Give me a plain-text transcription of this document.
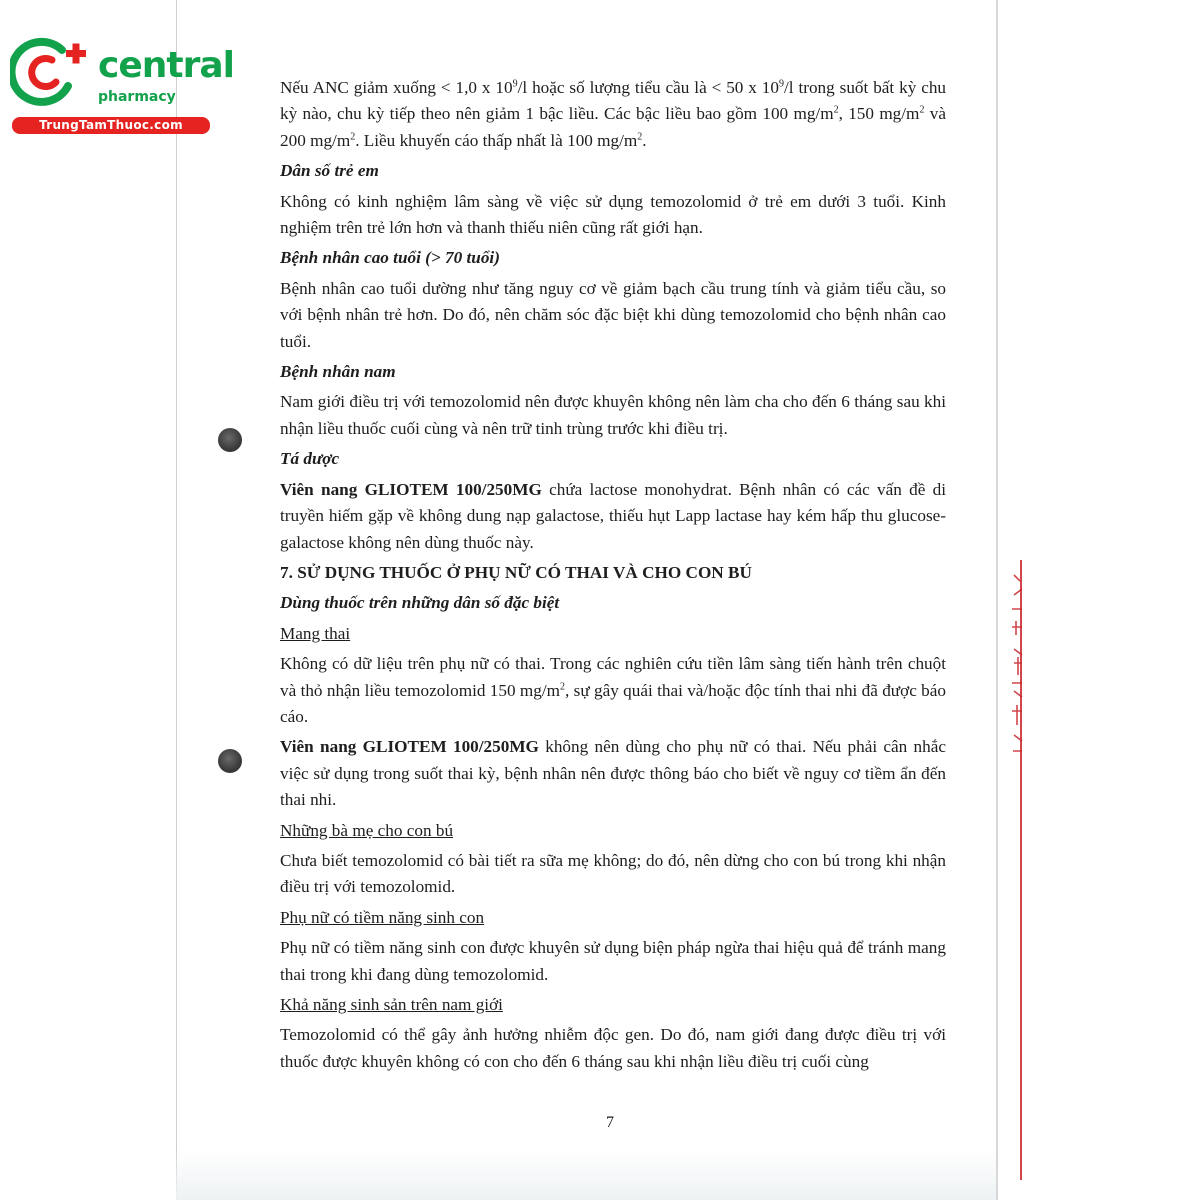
central
pharmacy
TrungTamThuoc.com

Nếu ANC giảm xuống < 1,0 x $10^9/l$ hoặc số lượng tiểu cầu là < 50 x $10^9/l$ trong suốt bất kỳ chu kỳ nào, chu kỳ tiếp theo nên giảm 1 bậc liều. Các bậc liều bao gồm 100 $mg/m^2$, 150 $mg/m^2$ và 200 $mg/m^2$. Liều khuyến cáo thấp nhất là 100 $mg/m^2$.

Dân số trẻ em

Không có kinh nghiệm lâm sàng về việc sử dụng temozolomid ở trẻ em dưới 3 tuổi. Kinh nghiệm trên trẻ lớn hơn và thanh thiếu niên cũng rất giới hạn.

Bệnh nhân cao tuổi (> 70 tuổi)

Bệnh nhân cao tuổi dường như tăng nguy cơ về giảm bạch cầu trung tính và giảm tiểu cầu, so với bệnh nhân trẻ hơn. Do đó, nên chăm sóc đặc biệt khi dùng temozolomid cho bệnh nhân cao tuổi.

Bệnh nhân nam

Nam giới điều trị với temozolomid nên được khuyên không nên làm cha cho đến 6 tháng sau khi nhận liều thuốc cuối cùng và nên trữ tinh trùng trước khi điều trị.

Tá dược

Viên nang GLIOTEM 100/250MG chứa lactose monohydrat. Bệnh nhân có các vấn đề di truyền hiếm gặp về không dung nạp galactose, thiếu hụt Lapp lactase hay kém hấp thu glucose-galactose không nên dùng thuốc này.

7. SỬ DỤNG THUỐC Ở PHỤ NỮ CÓ THAI VÀ CHO CON BÚ

Dùng thuốc trên những dân số đặc biệt

Mang thai

Không có dữ liệu trên phụ nữ có thai. Trong các nghiên cứu tiền lâm sàng tiến hành trên chuột và thỏ nhận liều temozolomid 150 $mg/m^2$, sự gây quái thai và/hoặc độc tính thai nhi đã được báo cáo.

Viên nang GLIOTEM 100/250MG không nên dùng cho phụ nữ có thai. Nếu phải cân nhắc việc sử dụng trong suốt thai kỳ, bệnh nhân nên được thông báo cho biết về nguy cơ tiềm ẩn đến thai nhi.

Những bà mẹ cho con bú

Chưa biết temozolomid có bài tiết ra sữa mẹ không; do đó, nên dừng cho con bú trong khi nhận điều trị với temozolomid.

Phụ nữ có tiềm năng sinh con

Phụ nữ có tiềm năng sinh con được khuyên sử dụng biện pháp ngừa thai hiệu quả để tránh mang thai trong khi đang dùng temozolomid.

Khả năng sinh sản trên nam giới

Temozolomid có thể gây ảnh hưởng nhiễm độc gen. Do đó, nam giới đang được điều trị với thuốc được khuyên không có con cho đến 6 tháng sau khi nhận liều điều trị cuối cùng

7
